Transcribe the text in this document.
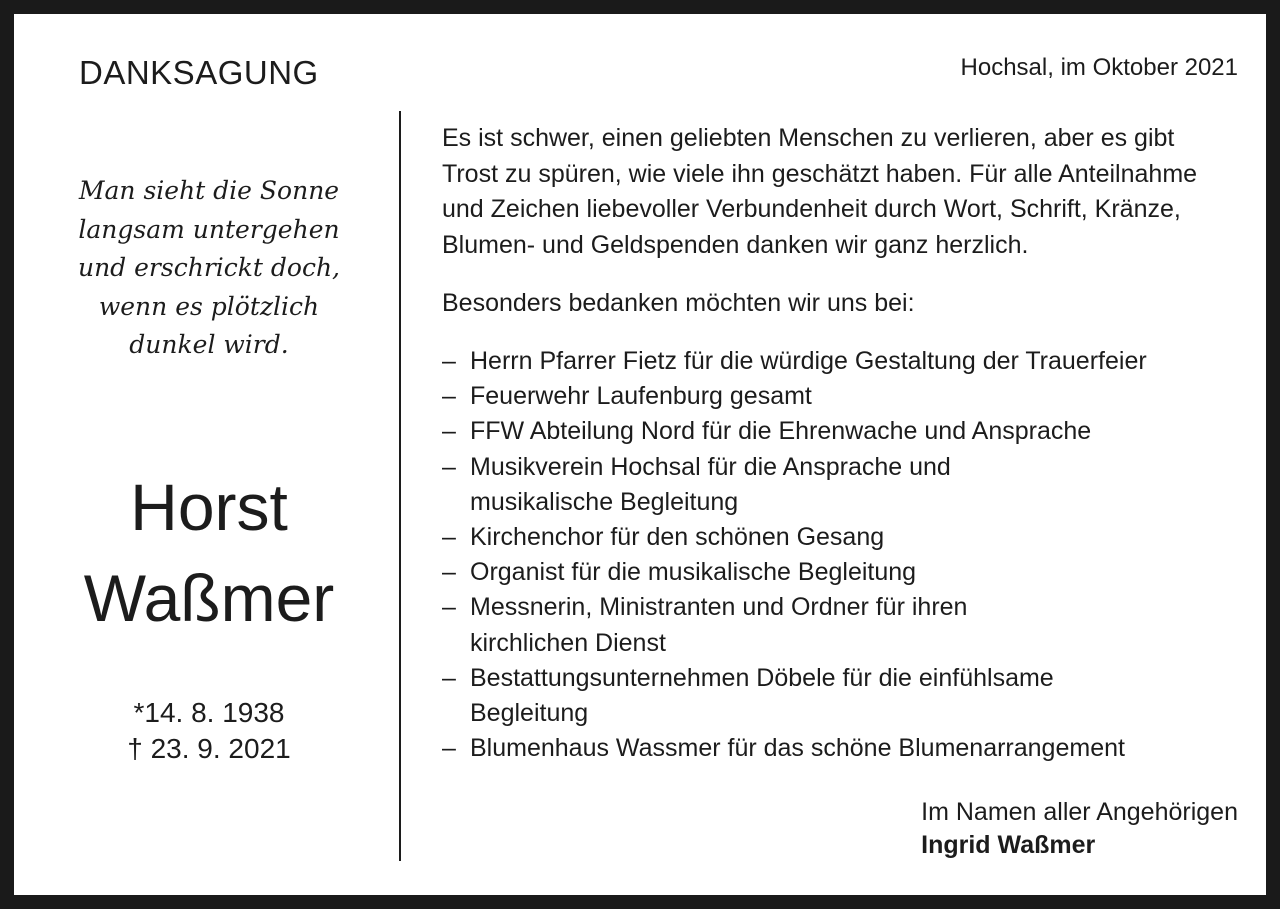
DANKSAGUNG	Hochsal, im Oktober 2021
Man sieht die Sonne
langsam untergehen
und erschrickt doch,
wenn es plötzlich
dunkel wird.
Horst
Waßmer
*14. 8. 1938
† 23. 9. 2021
Es ist schwer, einen geliebten Menschen zu verlieren, aber es gibt
Trost zu spüren, wie viele ihn geschätzt haben. Für alle Anteilnahme
und Zeichen liebevoller Verbundenheit durch Wort, Schrift, Kränze,
Blumen- und Geldspenden danken wir ganz herzlich.
Besonders bedanken möchten wir uns bei:
– Herrn Pfarrer Fietz für die würdige Gestaltung der Trauerfeier
– Feuerwehr Laufenburg gesamt
– FFW Abteilung Nord für die Ehrenwache und Ansprache
– Musikverein Hochsal für die Ansprache und
musikalische Begleitung
– Kirchenchor für den schönen Gesang
– Organist für die musikalische Begleitung
– Messnerin, Ministranten und Ordner für ihren
kirchlichen Dienst
– Bestattungsunternehmen Döbele für die einfühlsame
Begleitung
– Blumenhaus Wassmer für das schöne Blumenarrangement
Im Namen aller Angehörigen
Ingrid Waßmer
